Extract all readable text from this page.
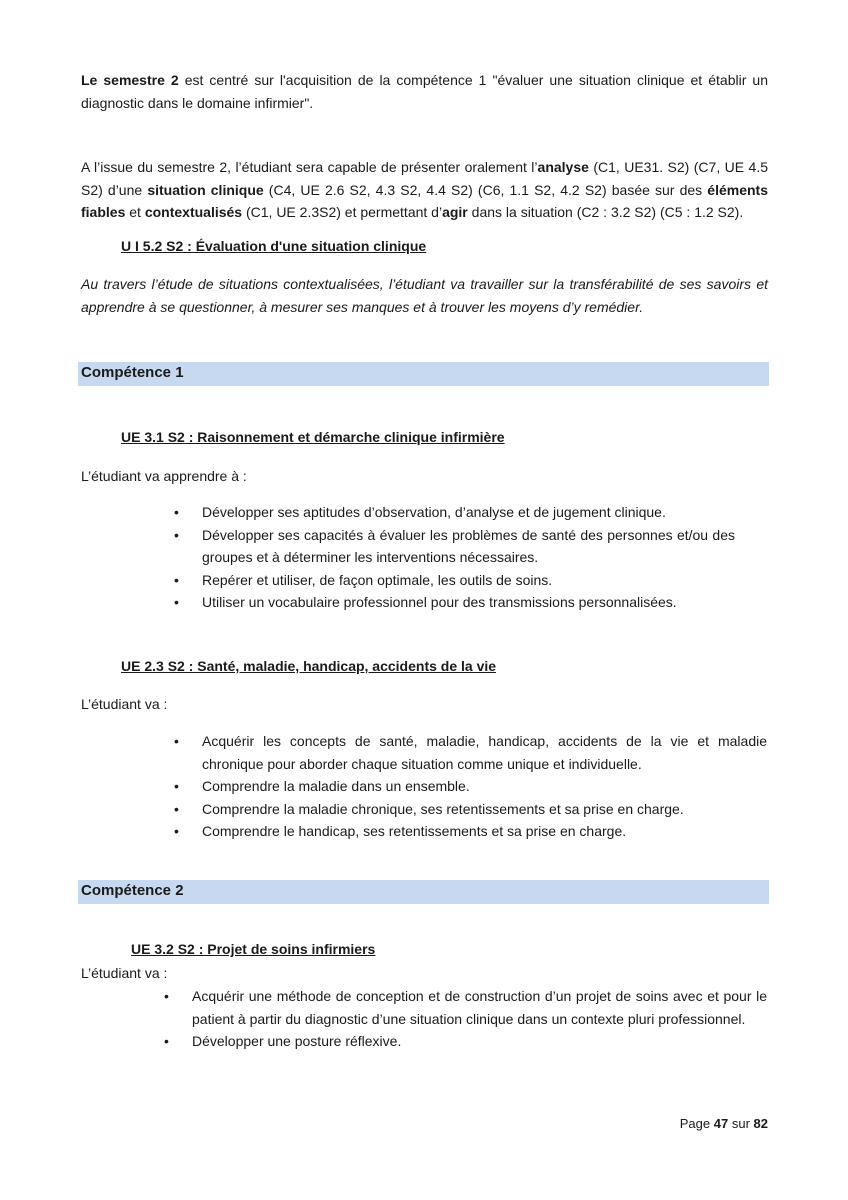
Le semestre 2 est centré sur l'acquisition de la compétence 1 "évaluer une situation clinique et établir un diagnostic dans le domaine infirmier".
A l’issue du semestre 2, l’étudiant sera capable de présenter oralement l’analyse (C1, UE31. S2) (C7, UE 4.5 S2) d’une situation clinique (C4, UE 2.6 S2, 4.3 S2, 4.4 S2) (C6, 1.1 S2, 4.2 S2) basée sur des éléments fiables et contextualisés (C1, UE 2.3S2) et permettant d’agir dans la situation (C2 : 3.2 S2) (C5 : 1.2 S2).
U I 5.2 S2 : Évaluation d'une situation clinique
Au travers l’étude de situations contextualisées, l’étudiant va travailler sur la transférabilité de ses savoirs et apprendre à se questionner, à mesurer ses manques et à trouver les moyens d’y remédier.
Compétence 1
UE 3.1 S2 : Raisonnement et démarche clinique infirmière
L’étudiant va apprendre à :
• Développer ses aptitudes d’observation, d’analyse et de jugement clinique.
• Développer ses capacités à évaluer les problèmes de santé des personnes et/ou des groupes et à déterminer les interventions nécessaires.
• Repérer et utiliser, de façon optimale, les outils de soins.
• Utiliser un vocabulaire professionnel pour des transmissions personnalisées.
UE 2.3 S2 : Santé, maladie, handicap, accidents de la vie
L’étudiant va :
• Acquérir les concepts de santé, maladie, handicap, accidents de la vie et maladie chronique pour aborder chaque situation comme unique et individuelle.
• Comprendre la maladie dans un ensemble.
• Comprendre la maladie chronique, ses retentissements et sa prise en charge.
• Comprendre le handicap, ses retentissements et sa prise en charge.
Compétence 2
UE 3.2 S2 : Projet de soins infirmiers
L’étudiant va :
• Acquérir une méthode de conception et de construction d’un projet de soins avec et pour le patient à partir du diagnostic d’une situation clinique dans un contexte pluri professionnel.
• Développer une posture réflexive.
Page 47 sur 82
